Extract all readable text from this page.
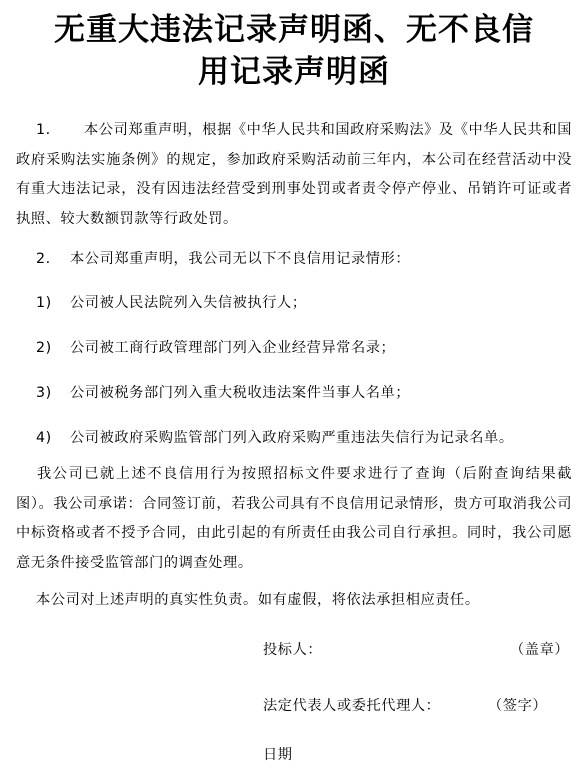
无重大违法记录声明函、无不良信
用记录声明函

1. 本公司郑重声明，根据《中华人民共和国政府采购法》及《中华人民共和国政府采购法实施条例》的规定，参加政府采购活动前三年内，本公司在经营活动中没有重大违法记录，没有因违法经营受到刑事处罚或者责令停产停业、吊销许可证或者执照、较大数额罚款等行政处罚。

2. 本公司郑重声明，我公司无以下不良信用记录情形：
1) 公司被人民法院列入失信被执行人；
2) 公司被工商行政管理部门列入企业经营异常名录；
3) 公司被税务部门列入重大税收违法案件当事人名单；
4) 公司被政府采购监管部门列入政府采购严重违法失信行为记录名单。

我公司已就上述不良信用行为按照招标文件要求进行了查询（后附查询结果截图）。我公司承诺：合同签订前，若我公司具有不良信用记录情形，贵方可取消我公司中标资格或者不授予合同，由此引起的有所责任由我公司自行承担。同时，我公司愿意无条件接受监管部门的调查处理。

本公司对上述声明的真实性负责。如有虚假，将依法承担相应责任。

投标人：	（盖章）
法定代表人或委托代理人：	（签字）
日期
